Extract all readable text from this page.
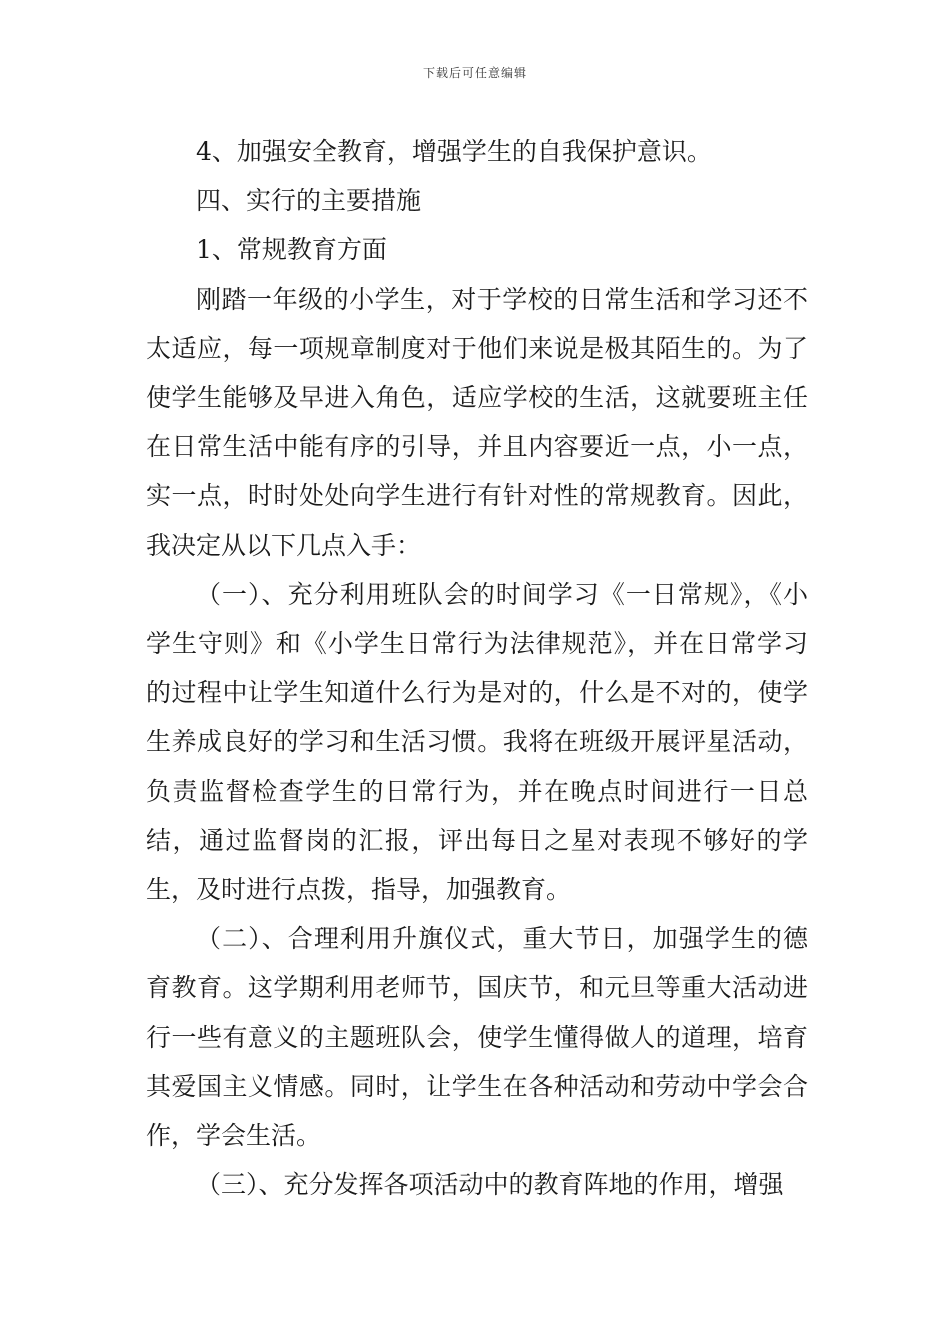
下载后可任意编辑

4、加强安全教育，增强学生的自我保护意识。

四、实行的主要措施

1、常规教育方面

刚踏一年级的小学生，对于学校的日常生活和学习还不太适应，每一项规章制度对于他们来说是极其陌生的。为了使学生能够及早进入角色，适应学校的生活，这就要班主任在日常生活中能有序的引导，并且内容要近一点，小一点，实一点，时时处处向学生进行有针对性的常规教育。因此，我决定从以下几点入手：

（一）、充分利用班队会的时间学习《一日常规》，《小学生守则》和《小学生日常行为法律规范》，并在日常学习的过程中让学生知道什么行为是对的，什么是不对的，使学生养成良好的学习和生活习惯。我将在班级开展评星活动，负责监督检查学生的日常行为，并在晚点时间进行一日总结，通过监督岗的汇报，评出每日之星对表现不够好的学生，及时进行点拨，指导，加强教育。

（二）、合理利用升旗仪式，重大节日，加强学生的德育教育。这学期利用老师节，国庆节，和元旦等重大活动进行一些有意义的主题班队会，使学生懂得做人的道理，培育其爱国主义情感。同时，让学生在各种活动和劳动中学会合作，学会生活。

（三）、充分发挥各项活动中的教育阵地的作用，增强
